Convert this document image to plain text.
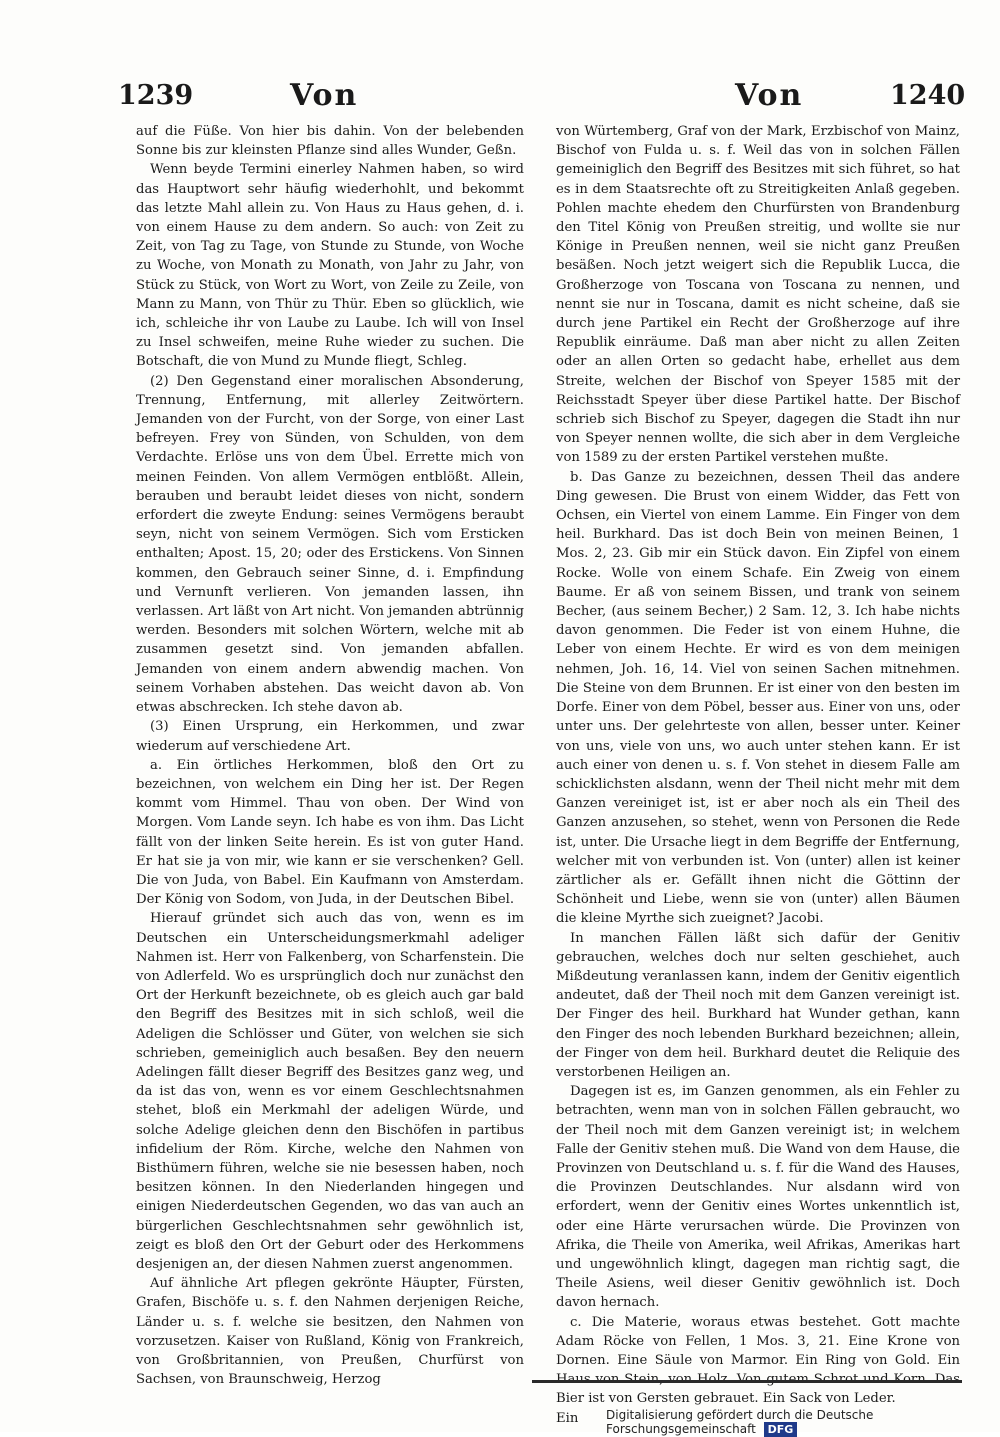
1239	Von	Von	1240

auf die Füße. Von hier bis dahin. Von der belebenden Sonne bis zur kleinsten Pflanze sind alles Wunder, Geßn.

Wenn beyde Termini einerley Nahmen haben, so wird das Hauptwort sehr häufig wiederhohlt, und bekommt das letzte Mahl allein zu. Von Haus zu Haus gehen, d. i. von einem Hause zu dem andern. So auch: von Zeit zu Zeit, von Tag zu Tage, von Stunde zu Stunde, von Woche zu Woche, von Monath zu Monath, von Jahr zu Jahr, von Stück zu Stück, von Wort zu Wort, von Zeile zu Zeile, von Mann zu Mann, von Thür zu Thür. Eben so glücklich, wie ich, schleiche ihr von Laube zu Laube. Ich will von Insel zu Insel schweifen, meine Ruhe wieder zu suchen. Die Botschaft, die von Mund zu Munde fliegt, Schleg.

(2) Den Gegenstand einer moralischen Absonderung, Trennung, Entfernung, mit allerley Zeitwörtern. Jemanden von der Furcht, von der Sorge, von einer Last befreyen. Frey von Sünden, von Schulden, von dem Verdachte. Erlöse uns von dem Übel. Errette mich von meinen Feinden. Von allem Vermögen entblößt. Allein, berauben und beraubt leidet dieses von nicht, sondern erfordert die zweyte Endung: seines Vermögens beraubt seyn, nicht von seinem Vermögen. Sich vom Ersticken enthalten; Apost. 15, 20; oder des Erstickens. Von Sinnen kommen, den Gebrauch seiner Sinne, d. i. Empfindung und Vernunft verlieren. Von jemanden lassen, ihn verlassen. Art läßt von Art nicht. Von jemanden abtrünnig werden. Besonders mit solchen Wörtern, welche mit ab zusammen gesetzt sind. Von jemanden abfallen. Jemanden von einem andern abwendig machen. Von seinem Vorhaben abstehen. Das weicht davon ab. Von etwas abschrecken. Ich stehe davon ab.

(3) Einen Ursprung, ein Herkommen, und zwar wiederum auf verschiedene Art.

a. Ein örtliches Herkommen, bloß den Ort zu bezeichnen, von welchem ein Ding her ist. Der Regen kommt vom Himmel. Thau von oben. Der Wind von Morgen. Vom Lande seyn. Ich habe es von ihm. Das Licht fällt von der linken Seite herein. Es ist von guter Hand. Er hat sie ja von mir, wie kann er sie verschenken? Gell. Die von Juda, von Babel. Ein Kaufmann von Amsterdam. Der König von Sodom, von Juda, in der Deutschen Bibel.

Hierauf gründet sich auch das von, wenn es im Deutschen ein Unterscheidungsmerkmahl adeliger Nahmen ist. Herr von Falkenberg, von Scharfenstein. Die von Adlerfeld. Wo es ursprünglich doch nur zunächst den Ort der Herkunft bezeichnete, ob es gleich auch gar bald den Begriff des Besitzes mit in sich schloß, weil die Adeligen die Schlösser und Güter, von welchen sie sich schrieben, gemeiniglich auch besaßen. Bey den neuern Adelingen fällt dieser Begriff des Besitzes ganz weg, und da ist das von, wenn es vor einem Geschlechtsnahmen stehet, bloß ein Merkmahl der adeligen Würde, und solche Adelige gleichen denn den Bischöfen in partibus infidelium der Röm. Kirche, welche den Nahmen von Bisthümern führen, welche sie nie besessen haben, noch besitzen können. In den Niederlanden hingegen und einigen Niederdeutschen Gegenden, wo das van auch an bürgerlichen Geschlechtsnahmen sehr gewöhnlich ist, zeigt es bloß den Ort der Geburt oder des Herkommens desjenigen an, der diesen Nahmen zuerst angenommen.

Auf ähnliche Art pflegen gekrönte Häupter, Fürsten, Grafen, Bischöfe u. s. f. den Nahmen derjenigen Reiche, Länder u. s. f. welche sie besitzen, den Nahmen von vorzusetzen. Kaiser von Rußland, König von Frankreich, von Großbritannien, von Preußen, Churfürst von Sachsen, von Braunschweig, Herzog

von Würtemberg, Graf von der Mark, Erzbischof von Mainz, Bischof von Fulda u. s. f. Weil das von in solchen Fällen gemeiniglich den Begriff des Besitzes mit sich führet, so hat es in dem Staatsrechte oft zu Streitigkeiten Anlaß gegeben. Pohlen machte ehedem den Churfürsten von Brandenburg den Titel König von Preußen streitig, und wollte sie nur Könige in Preußen nennen, weil sie nicht ganz Preußen besäßen. Noch jetzt weigert sich die Republik Lucca, die Großherzoge von Toscana von Toscana zu nennen, und nennt sie nur in Toscana, damit es nicht scheine, daß sie durch jene Partikel ein Recht der Großherzoge auf ihre Republik einräume. Daß man aber nicht zu allen Zeiten oder an allen Orten so gedacht habe, erhellet aus dem Streite, welchen der Bischof von Speyer 1585 mit der Reichsstadt Speyer über diese Partikel hatte. Der Bischof schrieb sich Bischof zu Speyer, dagegen die Stadt ihn nur von Speyer nennen wollte, die sich aber in dem Vergleiche von 1589 zu der ersten Partikel verstehen mußte.

b. Das Ganze zu bezeichnen, dessen Theil das andere Ding gewesen. Die Brust von einem Widder, das Fett von Ochsen, ein Viertel von einem Lamme. Ein Finger von dem heil. Burkhard. Das ist doch Bein von meinen Beinen, 1 Mos. 2, 23. Gib mir ein Stück davon. Ein Zipfel von einem Rocke. Wolle von einem Schafe. Ein Zweig von einem Baume. Er aß von seinem Bissen, und trank von seinem Becher, (aus seinem Becher,) 2 Sam. 12, 3. Ich habe nichts davon genommen. Die Feder ist von einem Huhne, die Leber von einem Hechte. Er wird es von dem meinigen nehmen, Joh. 16, 14. Viel von seinen Sachen mitnehmen. Die Steine von dem Brunnen. Er ist einer von den besten im Dorfe. Einer von dem Pöbel, besser aus. Einer von uns, oder unter uns. Der gelehrteste von allen, besser unter. Keiner von uns, viele von uns, wo auch unter stehen kann. Er ist auch einer von denen u. s. f. Von stehet in diesem Falle am schicklichsten alsdann, wenn der Theil nicht mehr mit dem Ganzen vereiniget ist, ist er aber noch als ein Theil des Ganzen anzusehen, so stehet, wenn von Personen die Rede ist, unter. Die Ursache liegt in dem Begriffe der Entfernung, welcher mit von verbunden ist. Von (unter) allen ist keiner zärtlicher als er. Gefällt ihnen nicht die Göttinn der Schönheit und Liebe, wenn sie von (unter) allen Bäumen die kleine Myrthe sich zueignet? Jacobi.

In manchen Fällen läßt sich dafür der Genitiv gebrauchen, welches doch nur selten geschiehet, auch Mißdeutung veranlassen kann, indem der Genitiv eigentlich andeutet, daß der Theil noch mit dem Ganzen vereinigt ist. Der Finger des heil. Burkhard hat Wunder gethan, kann den Finger des noch lebenden Burkhard bezeichnen; allein, der Finger von dem heil. Burkhard deutet die Reliquie des verstorbenen Heiligen an.

Dagegen ist es, im Ganzen genommen, als ein Fehler zu betrachten, wenn man von in solchen Fällen gebraucht, wo der Theil noch mit dem Ganzen vereinigt ist; in welchem Falle der Genitiv stehen muß. Die Wand von dem Hause, die Provinzen von Deutschland u. s. f. für die Wand des Hauses, die Provinzen Deutschlandes. Nur alsdann wird von erfordert, wenn der Genitiv eines Wortes unkenntlich ist, oder eine Härte verursachen würde. Die Provinzen von Afrika, die Theile von Amerika, weil Afrikas, Amerikas hart und ungewöhnlich klingt, dagegen man richtig sagt, die Theile Asiens, weil dieser Genitiv gewöhnlich ist. Doch davon hernach.

c. Die Materie, woraus etwas bestehet. Gott machte Adam Röcke von Fellen, 1 Mos. 3, 21. Eine Krone von Dornen. Eine Säule von Marmor. Ein Ring von Gold. Ein Bier ist von Gersten gebrauet. Ein Sack von Leder.

Ein	Digitalisierung gefördert durch die Deutsche Forschungsgemeinschaft DFG
